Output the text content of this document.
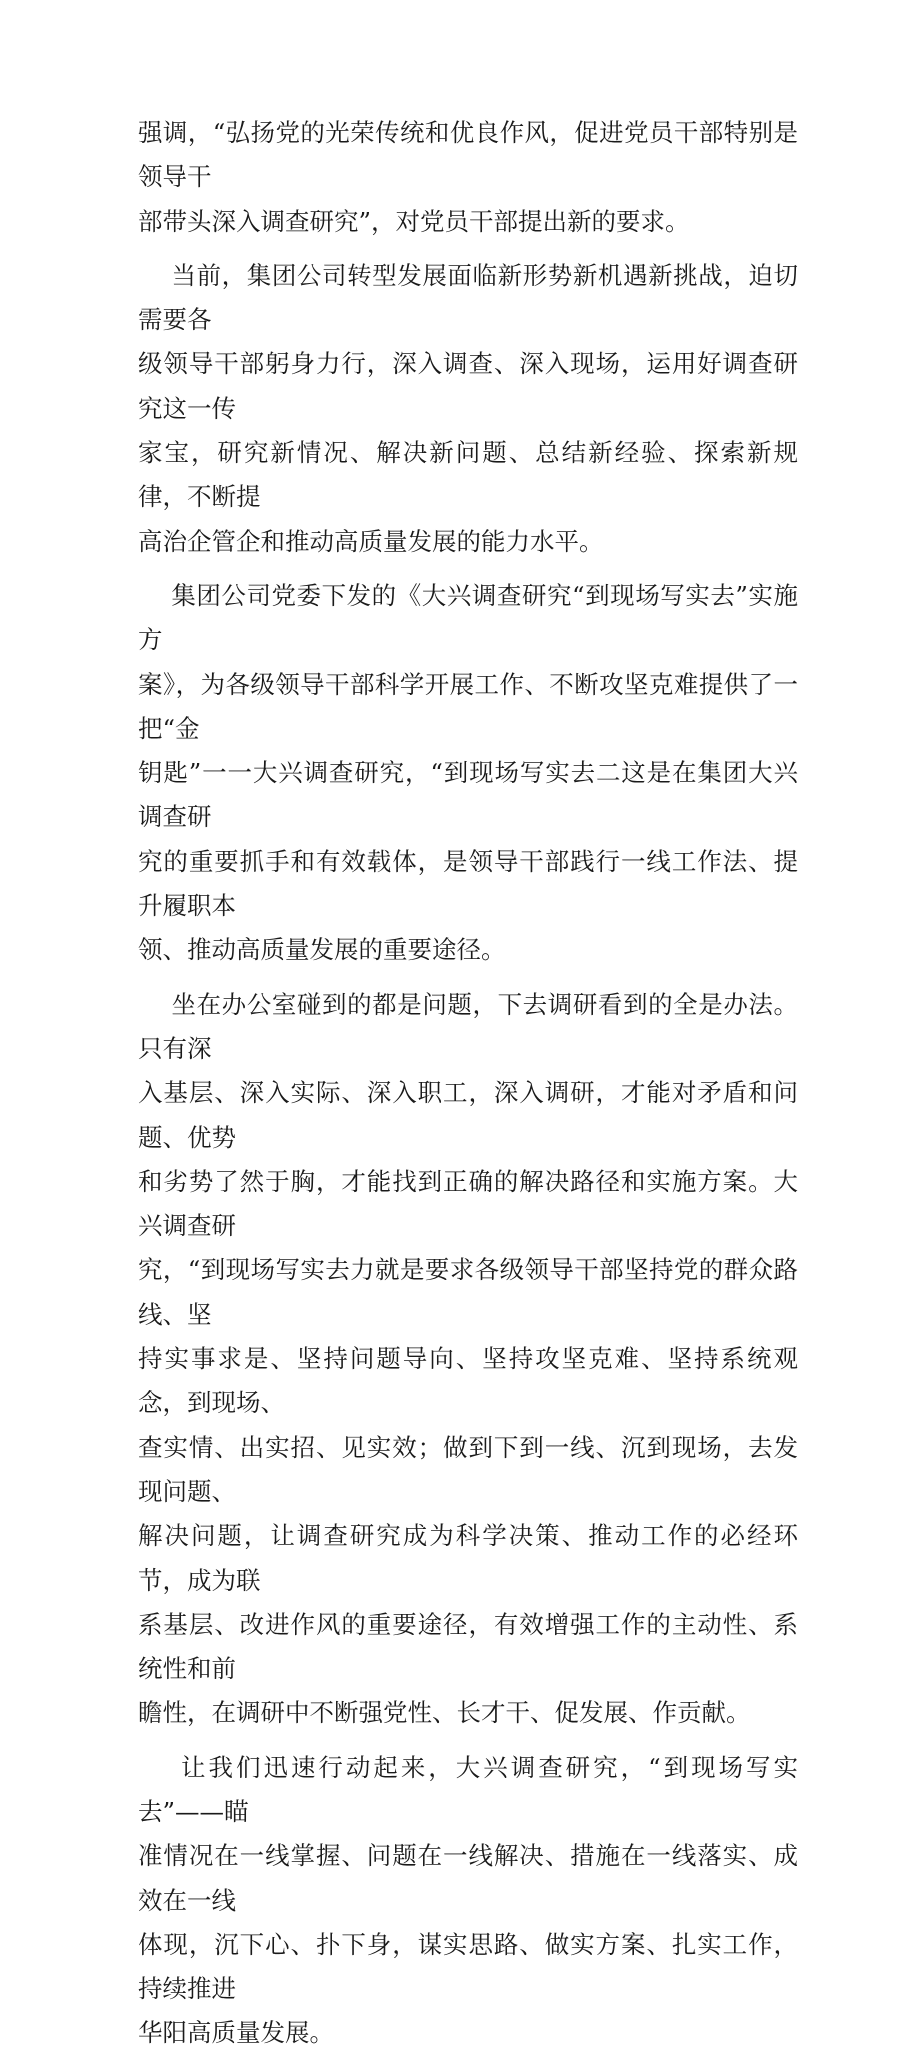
强调，“弘扬党的光荣传统和优良作风，促进党员干部特别是领导干
部带头深入调查研究”，对党员干部提出新的要求。

当前，集团公司转型发展面临新形势新机遇新挑战，迫切需要各
级领导干部躬身力行，深入调查、深入现场，运用好调查研究这一传
家宝，研究新情况、解决新问题、总结新经验、探索新规律，不断提
高治企管企和推动高质量发展的能力水平。

集团公司党委下发的《大兴调查研究“到现场写实去”实施方
案》，为各级领导干部科学开展工作、不断攻坚克难提供了一把“金
钥匙”一一大兴调查研究，“到现场写实去二这是在集团大兴调查研
究的重要抓手和有效载体，是领导干部践行一线工作法、提升履职本
领、推动高质量发展的重要途径。

坐在办公室碰到的都是问题，下去调研看到的全是办法。只有深
入基层、深入实际、深入职工，深入调研，才能对矛盾和问题、优势
和劣势了然于胸，才能找到正确的解决路径和实施方案。大兴调查研
究，“到现场写实去力就是要求各级领导干部坚持党的群众路线、坚
持实事求是、坚持问题导向、坚持攻坚克难、坚持系统观念，到现场、
查实情、出实招、见实效；做到下到一线、沉到现场，去发现问题、
解决问题，让调查研究成为科学决策、推动工作的必经环节，成为联
系基层、改进作风的重要途径，有效增强工作的主动性、系统性和前
瞻性，在调研中不断强党性、长才干、促发展、作贡献。

让我们迅速行动起来，大兴调查研究，“到现场写实去”——瞄
准情况在一线掌握、问题在一线解决、措施在一线落实、成效在一线
体现，沉下心、扑下身，谋实思路、做实方案、扎实工作，持续推进
华阳高质量发展。
